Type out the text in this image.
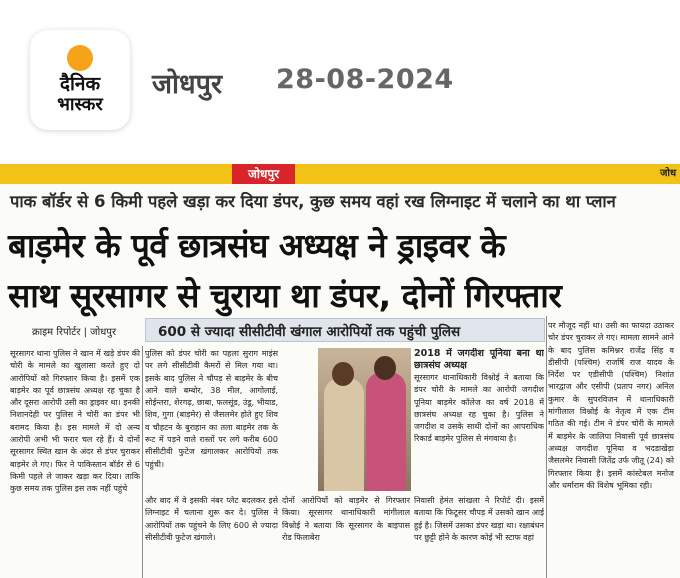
दैनिक
भास्कर
जोधपुर 28-08-2024
जोधपुर	जोध
पाक बॉर्डर से 6 किमी पहले खड़ा कर दिया डंपर, कुछ समय वहां रख लिग्नाइट में चलाने का था प्लान
बाड़मेर के पूर्व छात्रसंघ अध्यक्ष ने ड्राइवर के
साथ सूरसागर से चुराया था डंपर, दोनों गिरफ्तार
क्राइम रिपोर्टर | जोधपुर	600 से ज्यादा सीसीटीवी खंगाल आरोपियों तक पहुंची पुलिस

सूरसागर थाना पुलिस ने खान में खड़े डंपर की चोरी के मामले का खुलासा करते हुए दो आरोपियों को गिरफ्तार किया है। इसमें एक बाड़मेर का पूर्व छात्रसंघ अध्यक्ष रह चुका है और दूसरा आरोपी उसी का ड्राइवर था। इनकी निशानदेही पर पुलिस ने चोरी का डंपर भी बरामद किया है। इस मामले में दो अन्य आरोपी अभी भी फरार चल रहे हैं। ये दोनों सूरसागर स्थित खान के अंदर से डंपर चुराकर बाड़मेर ले गए। फिर ने पाकिस्तान बॉर्डर से 6 किमी पहले ले जाकर खड़ा कर दिया। ताकि कुछ समय तक पुलिस इस तक नहीं पहुंचे

पुलिस को डंपर चोरी का पहला सुराग माइंस पर लगे सीसीटीवी कैमरों से मिल गया था। इसके बाद पुलिस ने चौपड़ से बाड़मेर के बीच आने वाले बम्बोर, 38 मील, आगोलाई, सोईन्तरा, शेरगढ़, छाबा, फलसूंड, उंडू, भीयाड, शिव, गुगा (बाड़मेर) से जैसलमेर होते हुए शिव व चौहटन के बुराहान का तला बाड़मेर तक के रूट में पड़ने वाले रास्तों पर लगे करीब 600 सीसीटीवी फुटेज खंगालकर आरोपियों तक पहुंची।

2018 में जगदीश पूनिया बना था छात्रसंघ अध्यक्ष

सूरसागर थानाधिकारी विश्नोई ने बताया कि डंपर चोरी के मामले का आरोपी जगदीश पूनिया बाड़मेर कॉलेज का वर्ष 2018 में छात्रसंघ अध्यक्ष रह चुका है। पुलिस ने जगदीश व उसके साथी दोनों का आपराधिक रिकार्ड बाड़मेर पुलिस से मंगवाया है।

और बाद में वे इसकी नंबर प्लेट बदलकर इसे लिग्नाइट में चलाना शुरू कर दे। पुलिस ने आरोपियों तक पहुंचने के लिए 600 से ज्यादा सीसीटीवी फुटेज खंगाले।

दोनों आरोपियों को बाड़मेर से गिरफ्तार किया। सूरसागर थानाधिकारी मांगीलाल विश्नोई ने बताया कि सूरसागर के बाइपास रोड फिलाबेरा

निवासी हेमंत सांखला ने रिपोर्ट दी। इसमें बताया कि फिटूसर चौपड़ में उसको खान आई हुई है। जिसमें उसका डंपर खड़ा था। रक्षाबंधन पर छुट्टी होने के कारण कोई भी स्टाफ वहां

पर मौजूद नहीं था। उसी का फायदा उठाकर चोर डंपर चुराकर ले गए। मामला सामने आने के बाद पुलिस कमिश्नर राजेंद्र सिंह व डीसीपी (पश्चिम) राजर्षि राज यादव के निर्देश पर एडीसीपी (पश्चिम) निशांत भारद्वाज और एसीपी (प्रताप नगर) अनिल कुमार के सुपरविजन में थानाधिकारी मांगीलाल विश्नोई के नेतृत्व में एक टीम गठित की गई। टीम ने डंपर चोरी के मामले में बाड़मेर के जालिपा निवासी पूर्व छात्रसंघ अध्यक्ष जगदीश पूनिया व भदडाखेड़ा जैसलमेर निवासी जितेंद्र उर्फ जीतू (24) को गिरफ्तार किया है। इसमें कांस्टेबल मनोज और धर्माराम की विशेष भूमिका रही।
